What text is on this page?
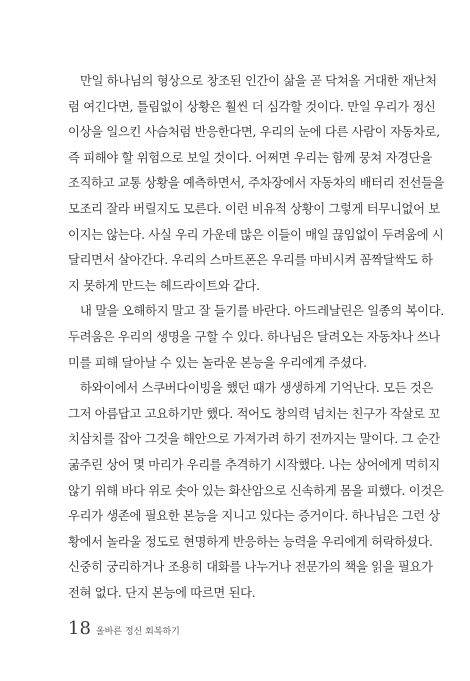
만일 하나님의 형상으로 창조된 인간이 삶을 곧 닥쳐올 거대한 재난처
럼 여긴다면, 틀림없이 상황은 훨씬 더 심각할 것이다. 만일 우리가 정신
이상을 일으킨 사슴처럼 반응한다면, 우리의 눈에 다른 사람이 자동차로,
즉 피해야 할 위험으로 보일 것이다. 어쩌면 우리는 함께 뭉쳐 자경단을
조직하고 교통 상황을 예측하면서, 주차장에서 자동차의 배터리 전선들을
모조리 잘라 버릴지도 모른다. 이런 비유적 상황이 그렇게 터무니없어 보
이지는 않는다. 사실 우리 가운데 많은 이들이 매일 끊임없이 두려움에 시
달리면서 살아간다. 우리의 스마트폰은 우리를 마비시켜 꼼짝달싹도 하
지 못하게 만드는 헤드라이트와 같다.
내 말을 오해하지 말고 잘 들기를 바란다. 아드레날린은 일종의 복이다.
두려움은 우리의 생명을 구할 수 있다. 하나님은 달려오는 자동차나 쓰나
미를 피해 달아날 수 있는 놀라운 본능을 우리에게 주셨다.
하와이에서 스쿠버다이빙을 했던 때가 생생하게 기억난다. 모든 것은
그저 아름답고 고요하기만 했다. 적어도 창의력 넘치는 친구가 작살로 꼬
치삼치를 잡아 그것을 해안으로 가져가려 하기 전까지는 말이다. 그 순간
굶주린 상어 몇 마리가 우리를 추격하기 시작했다. 나는 상어에게 먹히지
않기 위해 바다 위로 솟아 있는 화산암으로 신속하게 몸을 피했다. 이것은
우리가 생존에 필요한 본능을 지니고 있다는 증거이다. 하나님은 그런 상
황에서 놀라울 정도로 현명하게 반응하는 능력을 우리에게 허락하셨다.
신중히 궁리하거나 조용히 대화를 나누거나 전문가의 책을 읽을 필요가
전혀 없다. 단지 본능에 따르면 된다.
18 올바른 정신 회복하기
